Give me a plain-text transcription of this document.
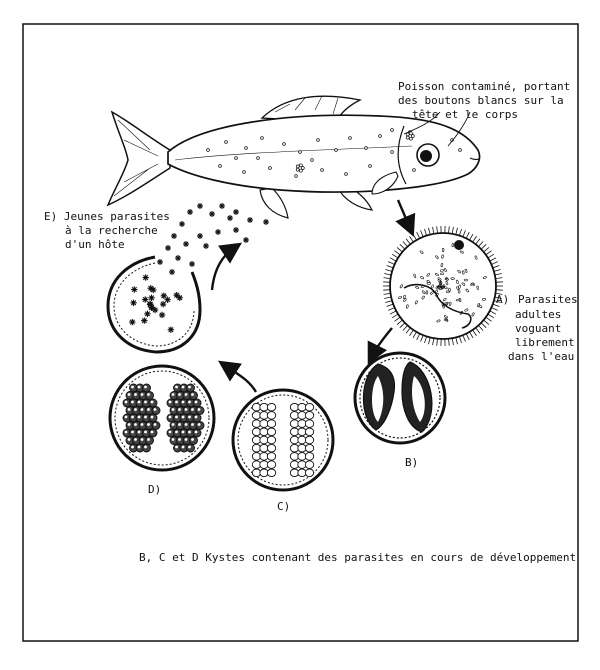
Poisson contaminé, portant des boutons blancs sur la tête et le corps
A) Parasites adultes voguant librement dans l'eau
B)
C)
D)
E) Jeunes parasites à la recherche d'un hôte
B, C et D Kystes contenant des parasites en cours de développement
